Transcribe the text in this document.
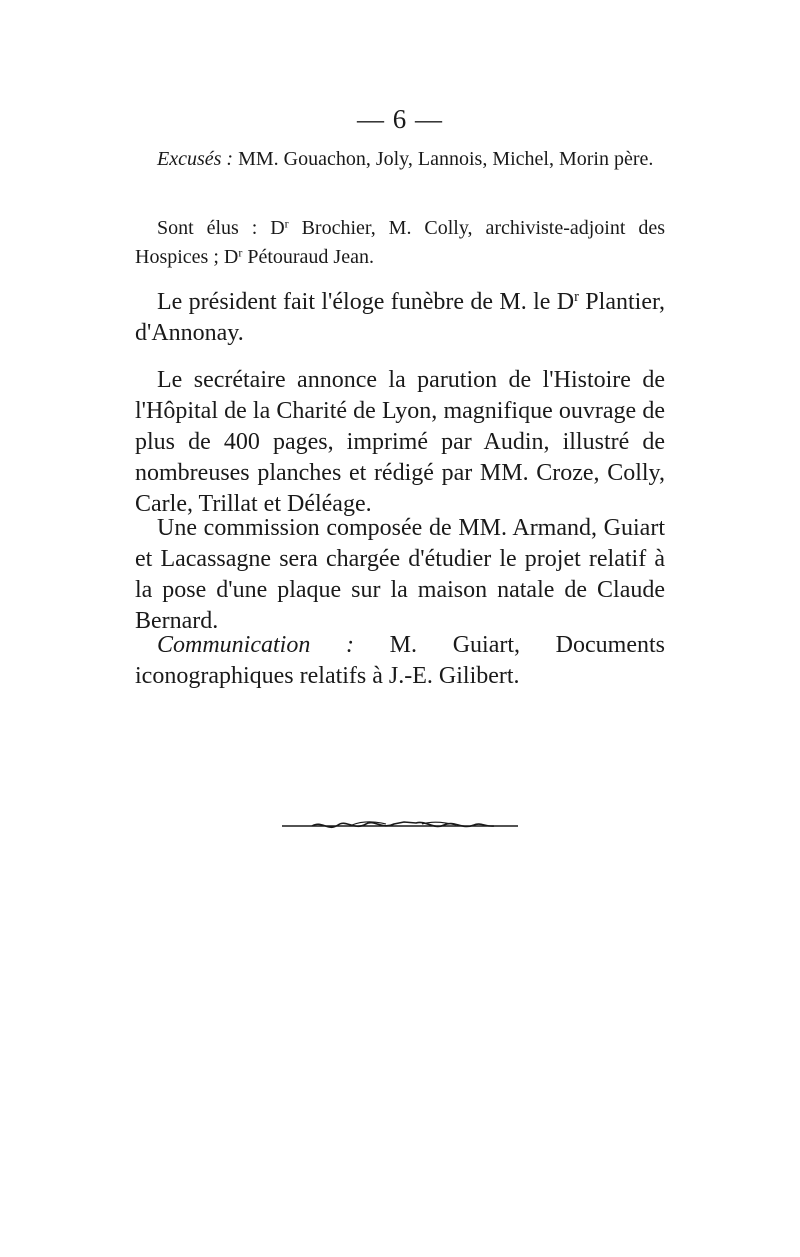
— 6 —

Excusés : MM. Gouachon, Joly, Lannois, Michel, Morin père.

Sont élus : $D^r$ Brochier, M. Colly, archiviste-adjoint des Hospices ; $D^r$ Pétouraud Jean.

Le président fait l'éloge funèbre de M. le $D^r$ Plantier, d'Annonay.

Le secrétaire annonce la parution de l'Histoire de l'Hôpital de la Charité de Lyon, magnifique ouvrage de plus de 400 pages, imprimé par Audin, illustré de nombreuses planches et rédigé par MM. Croze, Colly, Carle, Trillat et Déléage.

Une commission composée de MM. Armand, Guiart et Lacassagne sera chargée d'étudier le projet relatif à la pose d'une plaque sur la maison natale de Claude Bernard.

Communication : M. Guiart, Documents iconographiques relatifs à J.-E. Gilibert.
